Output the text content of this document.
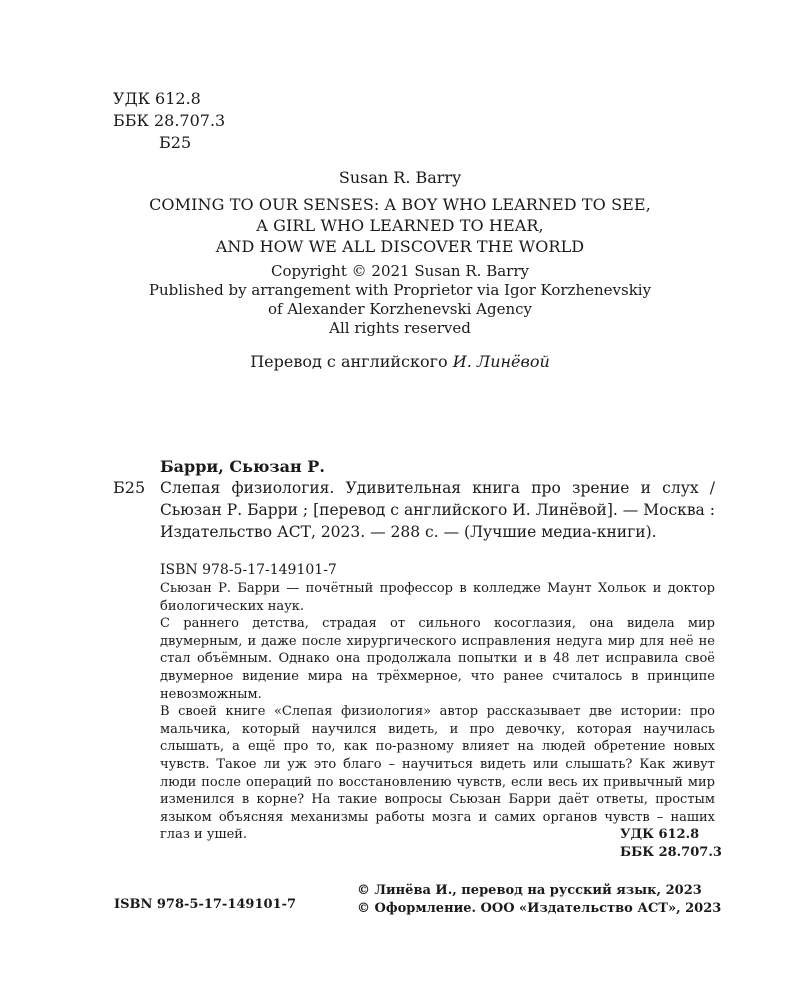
УДК 612.8
ББК 28.707.3
Б25
Susan R. Barry
COMING TO OUR SENSES: A BOY WHO LEARNED TO SEE,
A GIRL WHO LEARNED TO HEAR,
AND HOW WE ALL DISCOVER THE WORLD
Copyright © 2021 Susan R. Barry
Published by arrangement with Proprietor via Igor Korzhenevskiy
of Alexander Korzhenevski Agency
All rights reserved
Перевод с английского И. Линёвой
Барри, Сьюзан Р.
Б25 Слепая физиология. Удивительная книга про зрение и слух / Сьюзан Р. Барри ; [перевод с английского И. Линёвой]. — Москва : Издательство АСТ, 2023. — 288 с. — (Лучшие медиа-книги).
ISBN 978-5-17-149101-7

Сьюзан Р. Барри — почётный профессор в колледже Маунт Хольок и доктор биологических наук.

С раннего детства, страдая от сильного косоглазия, она видела мир двумерным, и даже после хирургического исправления недуга мир для неё не стал объёмным. Однако она продолжала попытки и в 48 лет исправила своё двумерное видение мира на трёхмерное, что ранее считалось в принципе невозможным.

В своей книге «Слепая физиология» автор рассказывает две истории: про мальчика, который научился видеть, и про девочку, которая научилась слышать, а ещё про то, как по-разному влияет на людей обретение новых чувств. Такое ли уж это благо – научиться видеть или слышать? Как живут люди после операций по восстановлению чувств, если весь их привычный мир изменился в корне? На такие вопросы Сьюзан Барри даёт ответы, простым языком объясняя механизмы работы мозга и самих органов чувств – наших глаз и ушей.	УДК 612.8
ББК 28.707.3
ISBN 978-5-17-149101-7
© Линёва И., перевод на русский язык, 2023
© Оформление. ООО «Издательство АСТ», 2023
